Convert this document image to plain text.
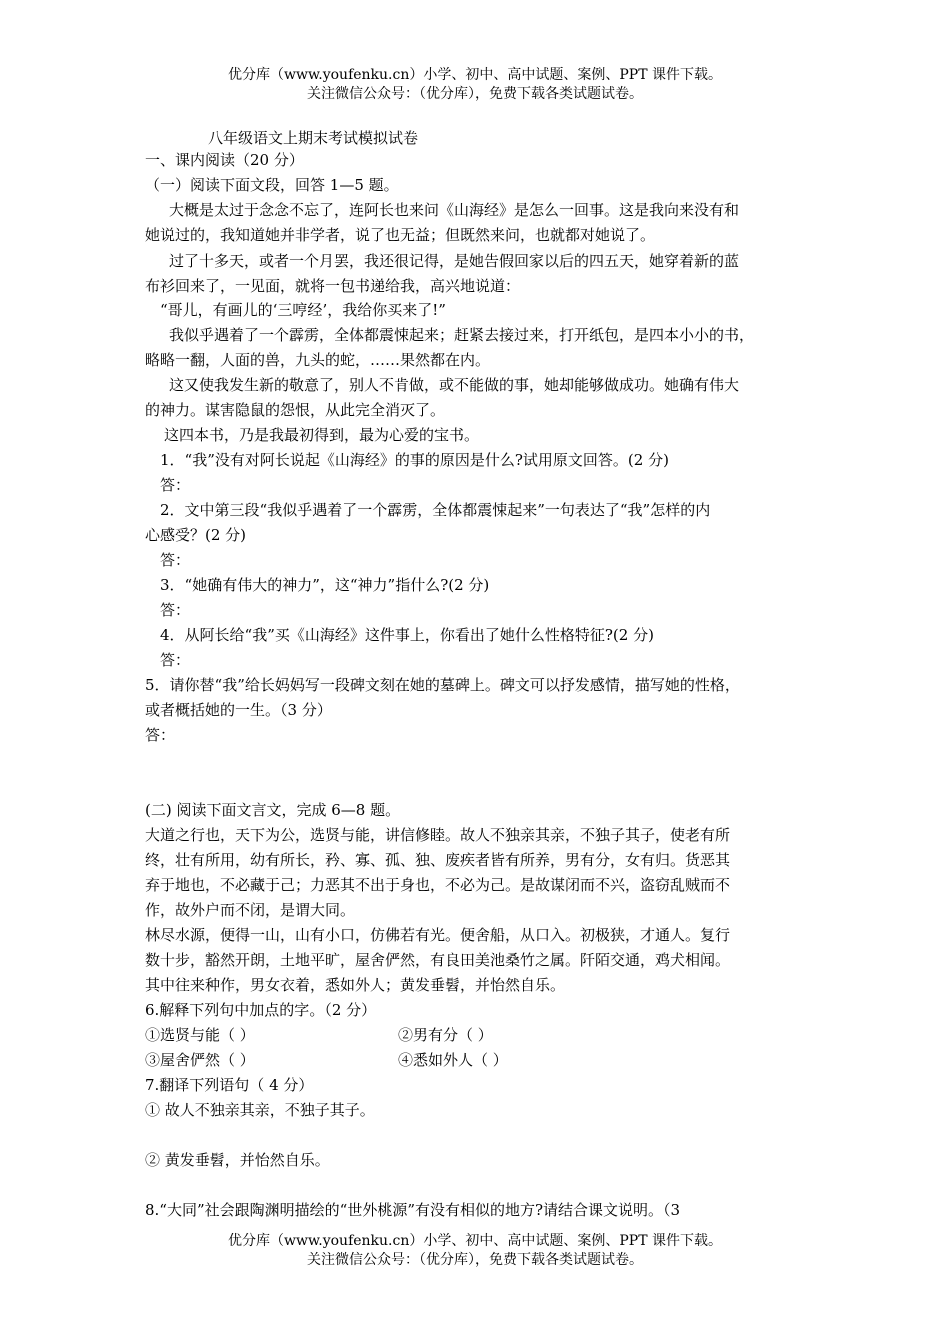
优分库（www.youfenku.cn）小学、初中、高中试题、案例、PPT 课件下载。
关注微信公众号：（优分库），免费下载各类试题试卷。
八年级语文上期末考试模拟试卷
一、课内阅读（20 分）
（一）阅读下面文段，回答 1—5 题。
大概是太过于念念不忘了，连阿长也来问《山海经》是怎么一回事。这是我向来没有和
她说过的，我知道她并非学者，说了也无益；但既然来问，也就都对她说了。
过了十多天，或者一个月罢，我还很记得，是她告假回家以后的四五天，她穿着新的蓝
布衫回来了，一见面，就将一包书递给我，高兴地说道：
“哥儿，有画儿的‘三哼经’，我给你买来了!”
我似乎遇着了一个霹雳，全体都震悚起来；赶紧去接过来，打开纸包，是四本小小的书，
略略一翻，人面的兽，九头的蛇，……果然都在内。
这又使我发生新的敬意了，别人不肯做，或不能做的事，她却能够做成功。她确有伟大
的神力。谋害隐鼠的怨恨，从此完全消灭了。
这四本书，乃是我最初得到，最为心爱的宝书。
1．“我”没有对阿长说起《山海经》的事的原因是什么?试用原文回答。(2 分)
答：
2．文中第三段“我似乎遇着了一个霹雳，全体都震悚起来”一句表达了“我”怎样的内
心感受？(2 分)
答：
3．“她确有伟大的神力”，这“神力”指什么?(2 分)
答：
4．从阿长给“我”买《山海经》这件事上，你看出了她什么性格特征?(2 分)
答：
5．请你替“我”给长妈妈写一段碑文刻在她的墓碑上。碑文可以抒发感情，描写她的性格，
或者概括她的一生。（3 分）
答：
(二) 阅读下面文言文，完成 6—8 题。
大道之行也，天下为公，选贤与能，讲信修睦。故人不独亲其亲，不独子其子，使老有所
终，壮有所用，幼有所长，矜、寡、孤、独、废疾者皆有所养，男有分，女有归。货恶其
弃于地也，不必藏于己；力恶其不出于身也，不必为己。是故谋闭而不兴，盗窃乱贼而不
作，故外户而不闭，是谓大同。
林尽水源，便得一山，山有小口，仿佛若有光。便舍船，从口入。初极狭，才通人。复行
数十步，豁然开朗，土地平旷，屋舍俨然，有良田美池桑竹之属。阡陌交通，鸡犬相闻。
其中往来种作，男女衣着，悉如外人；黄发垂髫，并怡然自乐。
6.解释下列句中加点的字。（2 分）
①选贤与能（ ）	②男有分（ ）
③屋舍俨然（ ）	④悉如外人（ ）
7.翻译下列语句（ 4 分）
① 故人不独亲其亲，不独子其子。
② 黄发垂髫，并怡然自乐。
8.“大同”社会跟陶渊明描绘的“世外桃源”有没有相似的地方?请结合课文说明。（3
优分库（www.youfenku.cn）小学、初中、高中试题、案例、PPT 课件下载。
关注微信公众号：（优分库），免费下载各类试题试卷。
